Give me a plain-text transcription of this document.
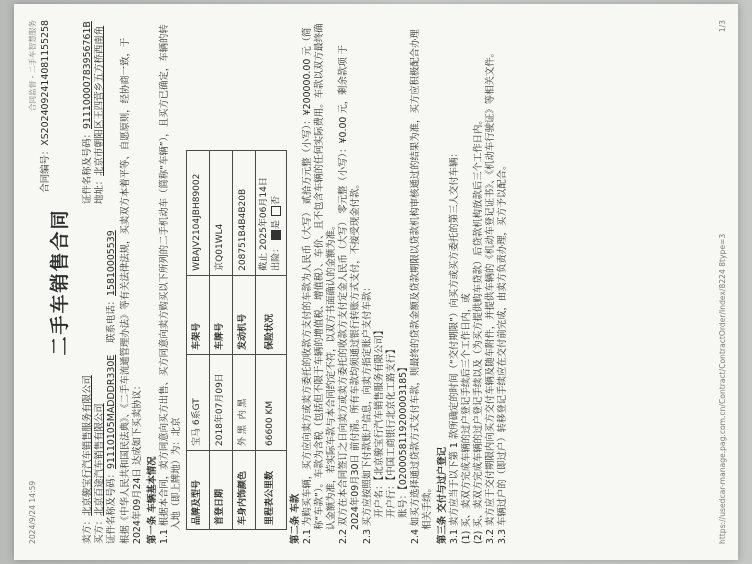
2024/9/24 14:59
合同监督 - 二手车智慧服务
二手车销售合同
合同编号：XS2024092414081155258
卖方：北京骏宝行汽车销售服务有限公司
买方：北京百途汽车销售有限公司
证件名称及号码：91110000783956761B
地址：北京市朝阳区王四营乡五方桥西南角
证件名称及号码：91110105MADDDR330E    联系电话：15810005539 根据《中华人民共和国民法典》、《二手车流通管理办法》等有关法律法规，买卖双方本着平等、自愿原则，经协商一致，于 2024年09月24日 达成如下买卖协议： 第一条 车辆基本情况 1.1 根据本合同，卖方同意向买方出售、买方同意向卖方购买以下所列的二手机动车（简称“车辆”），且买方已确定，车辆的转入地（即上牌地）为：北京 品牌及型号	宝马 6系GT	车架号	WBAJV2104JBH89002
首登日期	2018年07月09日	车牌号	京Q01WL4
车身内饰颜色	外 黑  内 黑	发动机号	208751B4B4B20B
里程表公里数	66600 KM	保险状况	截止 2025年06月14日 出险： 是 否
第二条 车款 2.1 为购买车辆，买方应向卖方或卖方委托的收款方支付的车款为人民币（大写） 贰拾万元整（小写）：¥200000.00 元（简称“车款”）。车款为含税（包括但不限于车辆的增值税、增值税）、车价、且不包含车辆的任何实际费用。车款以双方最终确认金额为准，若实际车款与本合同约定不符，以双方书面确认的金额为准。 2.2 双方在本合同签订之日向卖方或卖方委托的收款方支付定金人民币（大写） 零元整（小写）：¥0.00 元，剩余款项 于 2024年09月30日 前付清。所有车款均须通过银行转账方式支付，不接受现金付款。 2.3 买方应按照如下付款账户信息，向卖方指定账户支付车款： 开户名：【北京骏宝行汽车销售服务有限公司】
开户行：【中国工商银行北京化工路支行】
账号：【0200058119200003185】 2.4 如买方选择通过贷款方式支付车款，则最终的贷款金额及贷款期限以贷款机构审核通过的结果为准，买方应积极配合办理相关手续。 第三条 交付与过户登记 3.1 卖方应当于以下第 1 款所确定的时间（“交付期限”）向买方或买方委托的第三人交付车辆： (1) 买、卖双方完成车辆的过户登记手续后三个工作日内，或 (2) 买、卖双方完成车辆的过户登记手续以及（为买方提供购车贷款）后贷款机构放款后三个工作日内。 3.2 卖方应于交付期限内向买方交付车辆及随车附件，并提供车辆的《机动车登记证书》、《机动车行驶证》等相关文件。 3.3 车辆过户的（即过户）转移登记手续应在交付前完成，由卖方负责办理，买方予以配合。	https://usedcar-manage.pag.com.cn/Contract/ContractOrder/Index/8224 8type=3
1/3
